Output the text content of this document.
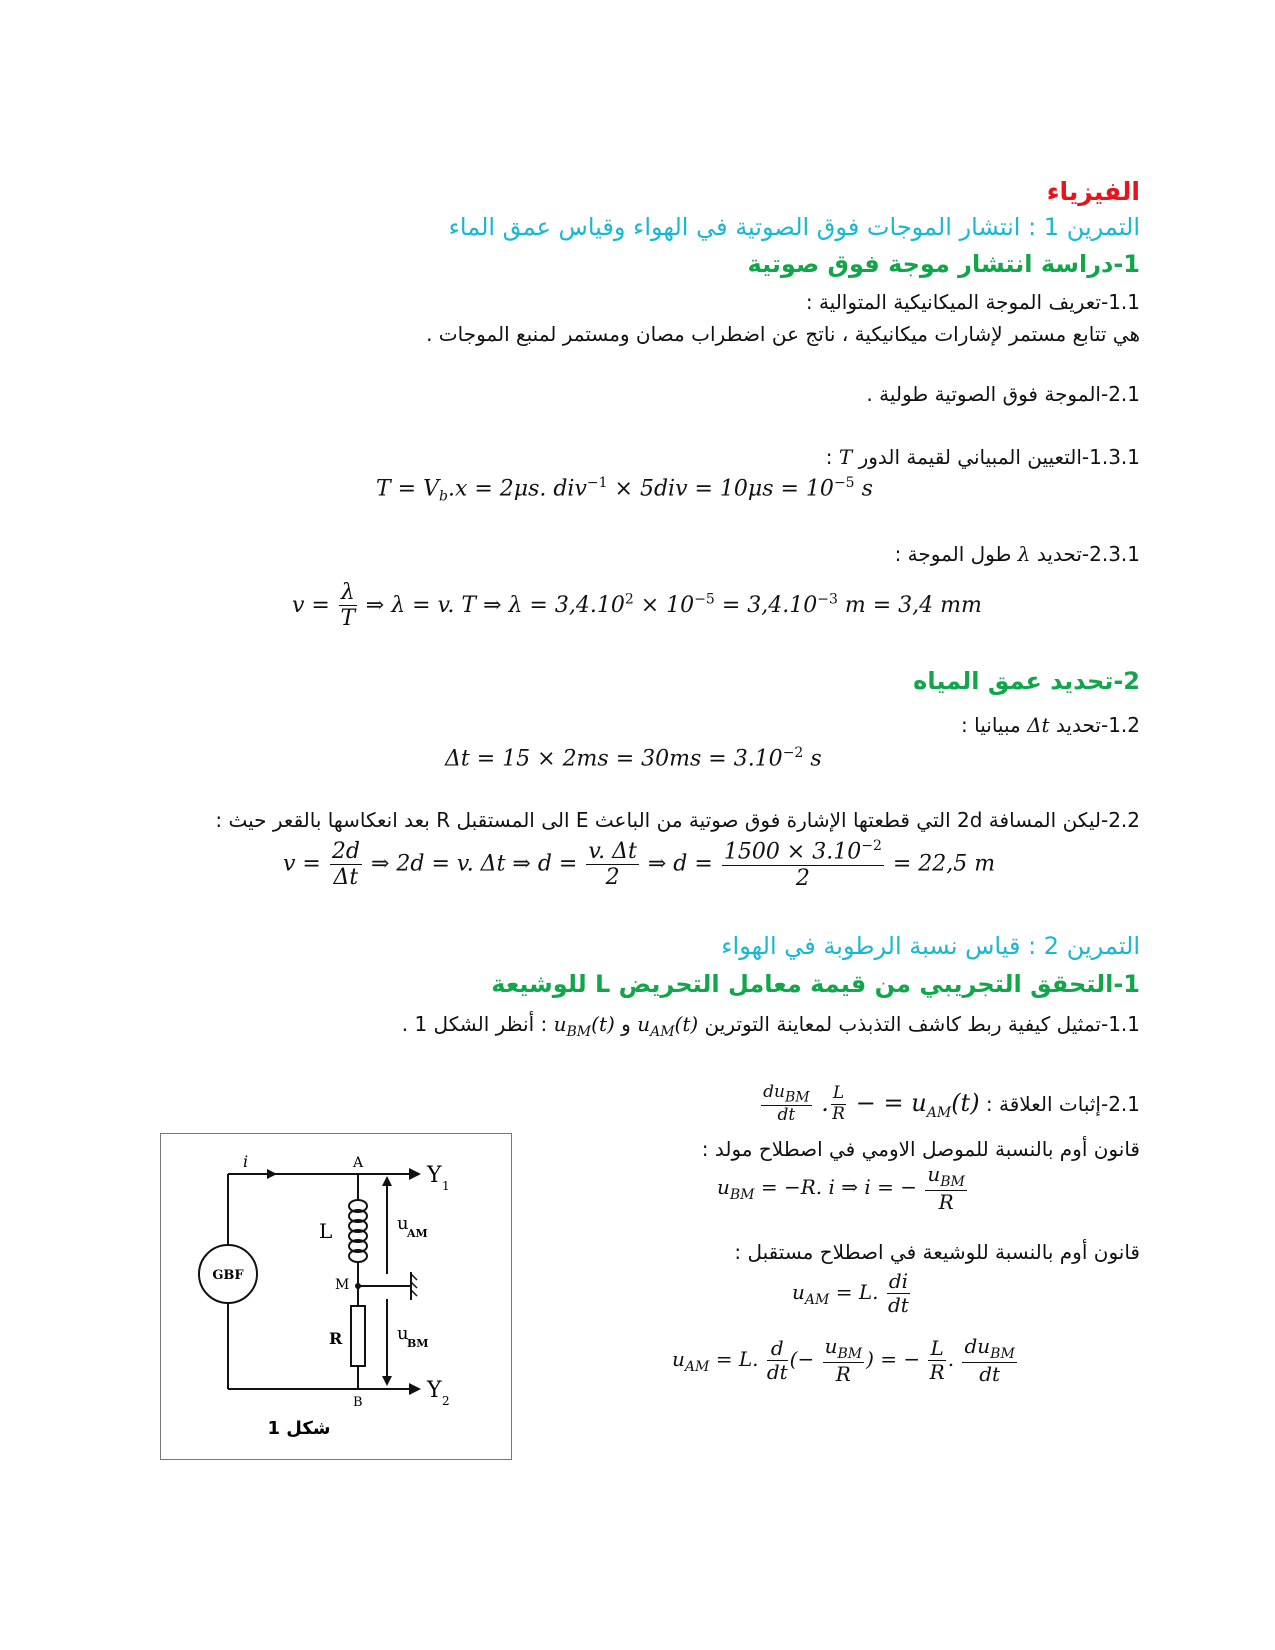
الفيزياء
التمرين 1 : انتشار الموجات فوق الصوتية في الهواء وقياس عمق الماء
1-دراسة انتشار موجة فوق صوتية
1.1-تعريف الموجة الميكانيكية المتوالية :
هي تتابع مستمر لإشارات ميكانيكية ، ناتج عن اضطراب مصان ومستمر لمنبع الموجات .
2.1-الموجة فوق الصوتية طولية .
1.3.1-التعيين المبياني لقيمة الدور T :
$T = V_b.x = 2\mu s$. $div^{-1} \times 5div = 10\mu s = 10^{-5}$ s
2.3.1-تحديد λ طول الموجة :
$v = \frac{\lambda}{T}$ ⇒ λ = v. T ⇒ $\lambda = 3,4.10^2 \times 10^{-5} = 3,4.10^{-3}$ m = 3,4 mm
2-تحديد عمق المياه
1.2-تحديد Δt مبيانيا :
$\Delta t = 15 \times 2ms = 30ms = 3.10^{-2}$ s
2.2-ليكن المسافة 2d التي قطعتها الإشارة فوق صوتية من الباعث E الى المستقبل R بعد انعكاسها بالقعر حيث :
$v = \frac{2d}{\Delta t}$ ⇒ 2d = v. Δt ⇒ $d = \frac{v. \Delta t}{2}$ ⇒ $d = \frac{1500 \times 3.10^{-2}}{2} = 22,5$ m
التمرين 2 : قياس نسبة الرطوبة في الهواء
1-التحقق التجريبي من قيمة معامل التحريض L للوشيعة
1.1-تمثيل كيفية ربط كاشف التذبذب لمعاينة التوترين $u_{AM}(t)$ و $u_{BM}(t)$ : أنظر الشكل 1 .
2.1-إثبات العلاقة : $u_{AM}(t)$ = −
$\frac{L}{R}$
.
$\frac{du_{BM}}{dt}$
قانون أوم بالنسبة للموصل الاومي في اصطلاح مولد :
$u_{BM} = -R$. i ⇒ i = − $\frac{u_{BM}}{R}$
قانون أوم بالنسبة للوشيعة في اصطلاح مستقبل :
$u_{AM} = L$. $\frac{di}{dt}$
$u_{AM} = L$. $\frac{d}{dt}$ (− $\frac{u_{BM}}{R}$ ) = − $\frac{L}{R}$ . $\frac{du_{BM}}{dt}$
i
GBF
A
L
M
R
B
Y 1
Y 2
u
AM
u
BM
شكل 1
